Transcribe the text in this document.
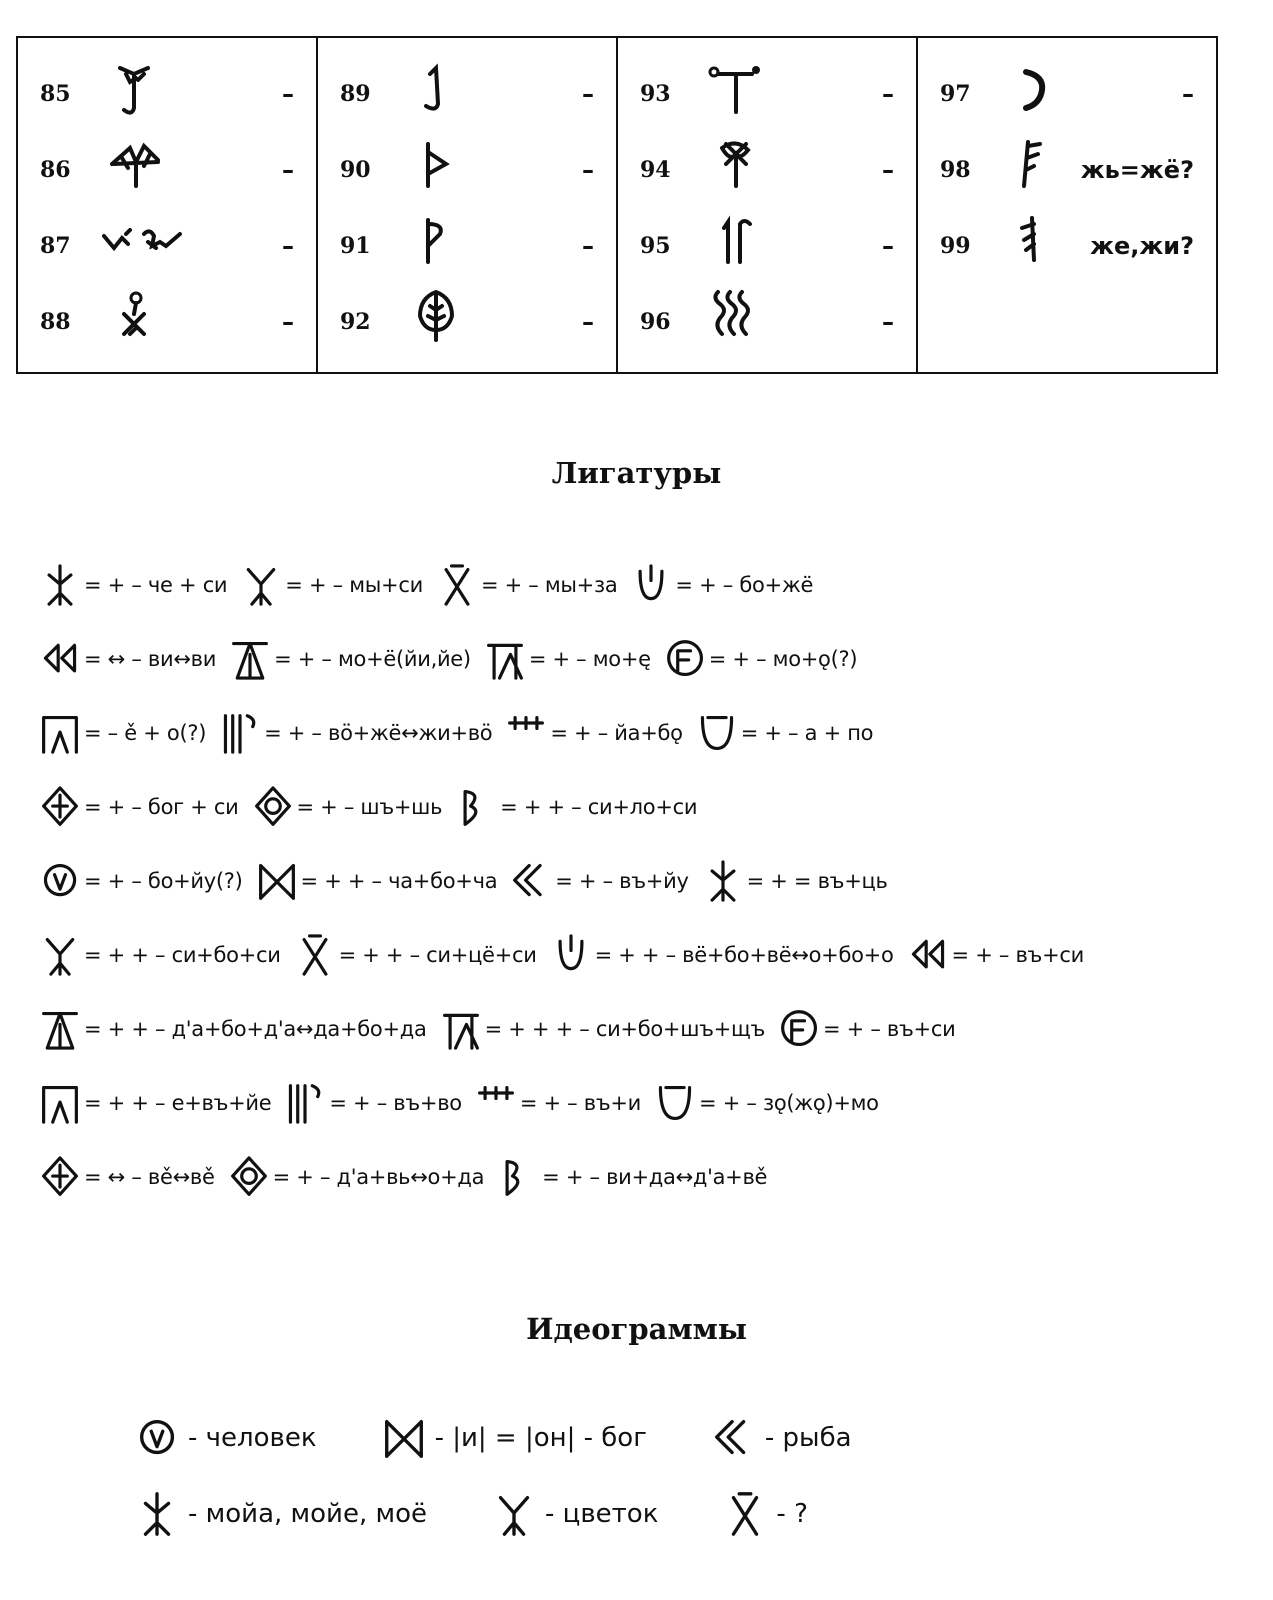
85	–
86	–
87	–
88	–
89	–
90	–
91	–
92	–
93	–
94	–
95	–
96	–
97	–
98	жь=жё?
99	же,жи?
Лигатуры
= + – че + си	= + – мы+си	= + – мы+за	= + – бо+жё
= ↔ – ви↔ви	= + – мо+ё(йи,йе)	= + – мо+ę	= + – мо+ǫ(?)
= – ě + о(?)	= + – вö+жё↔жи+вö	= + – йа+бǫ	= + – а + по
= + – бог + си	= + – шъ+шь	= + + – си+ло+си
= + – бо+йу(?)	= + + – ча+бо+ча	= + – въ+йу	= + = въ+ць
= + + – си+бо+си	= + + – си+цё+си	= + + – вё+бо+вё↔о+бо+о	= + – въ+си
= + + – д'а+бо+д'а↔да+бо+да	= + + + – си+бо+шъ+щъ	= + – въ+си
= + + – е+въ+йе	= + – въ+во	= + – въ+и	= + – зǫ(жǫ)+мо
= ↔ – вě↔вě	= + – д'а+вь↔о+да	= + – ви+да↔д'а+вě
Идеограммы
- человек	- |и| = |он| - бог	- рыба
- мойа, мойе, моё	- цветок	- ?
